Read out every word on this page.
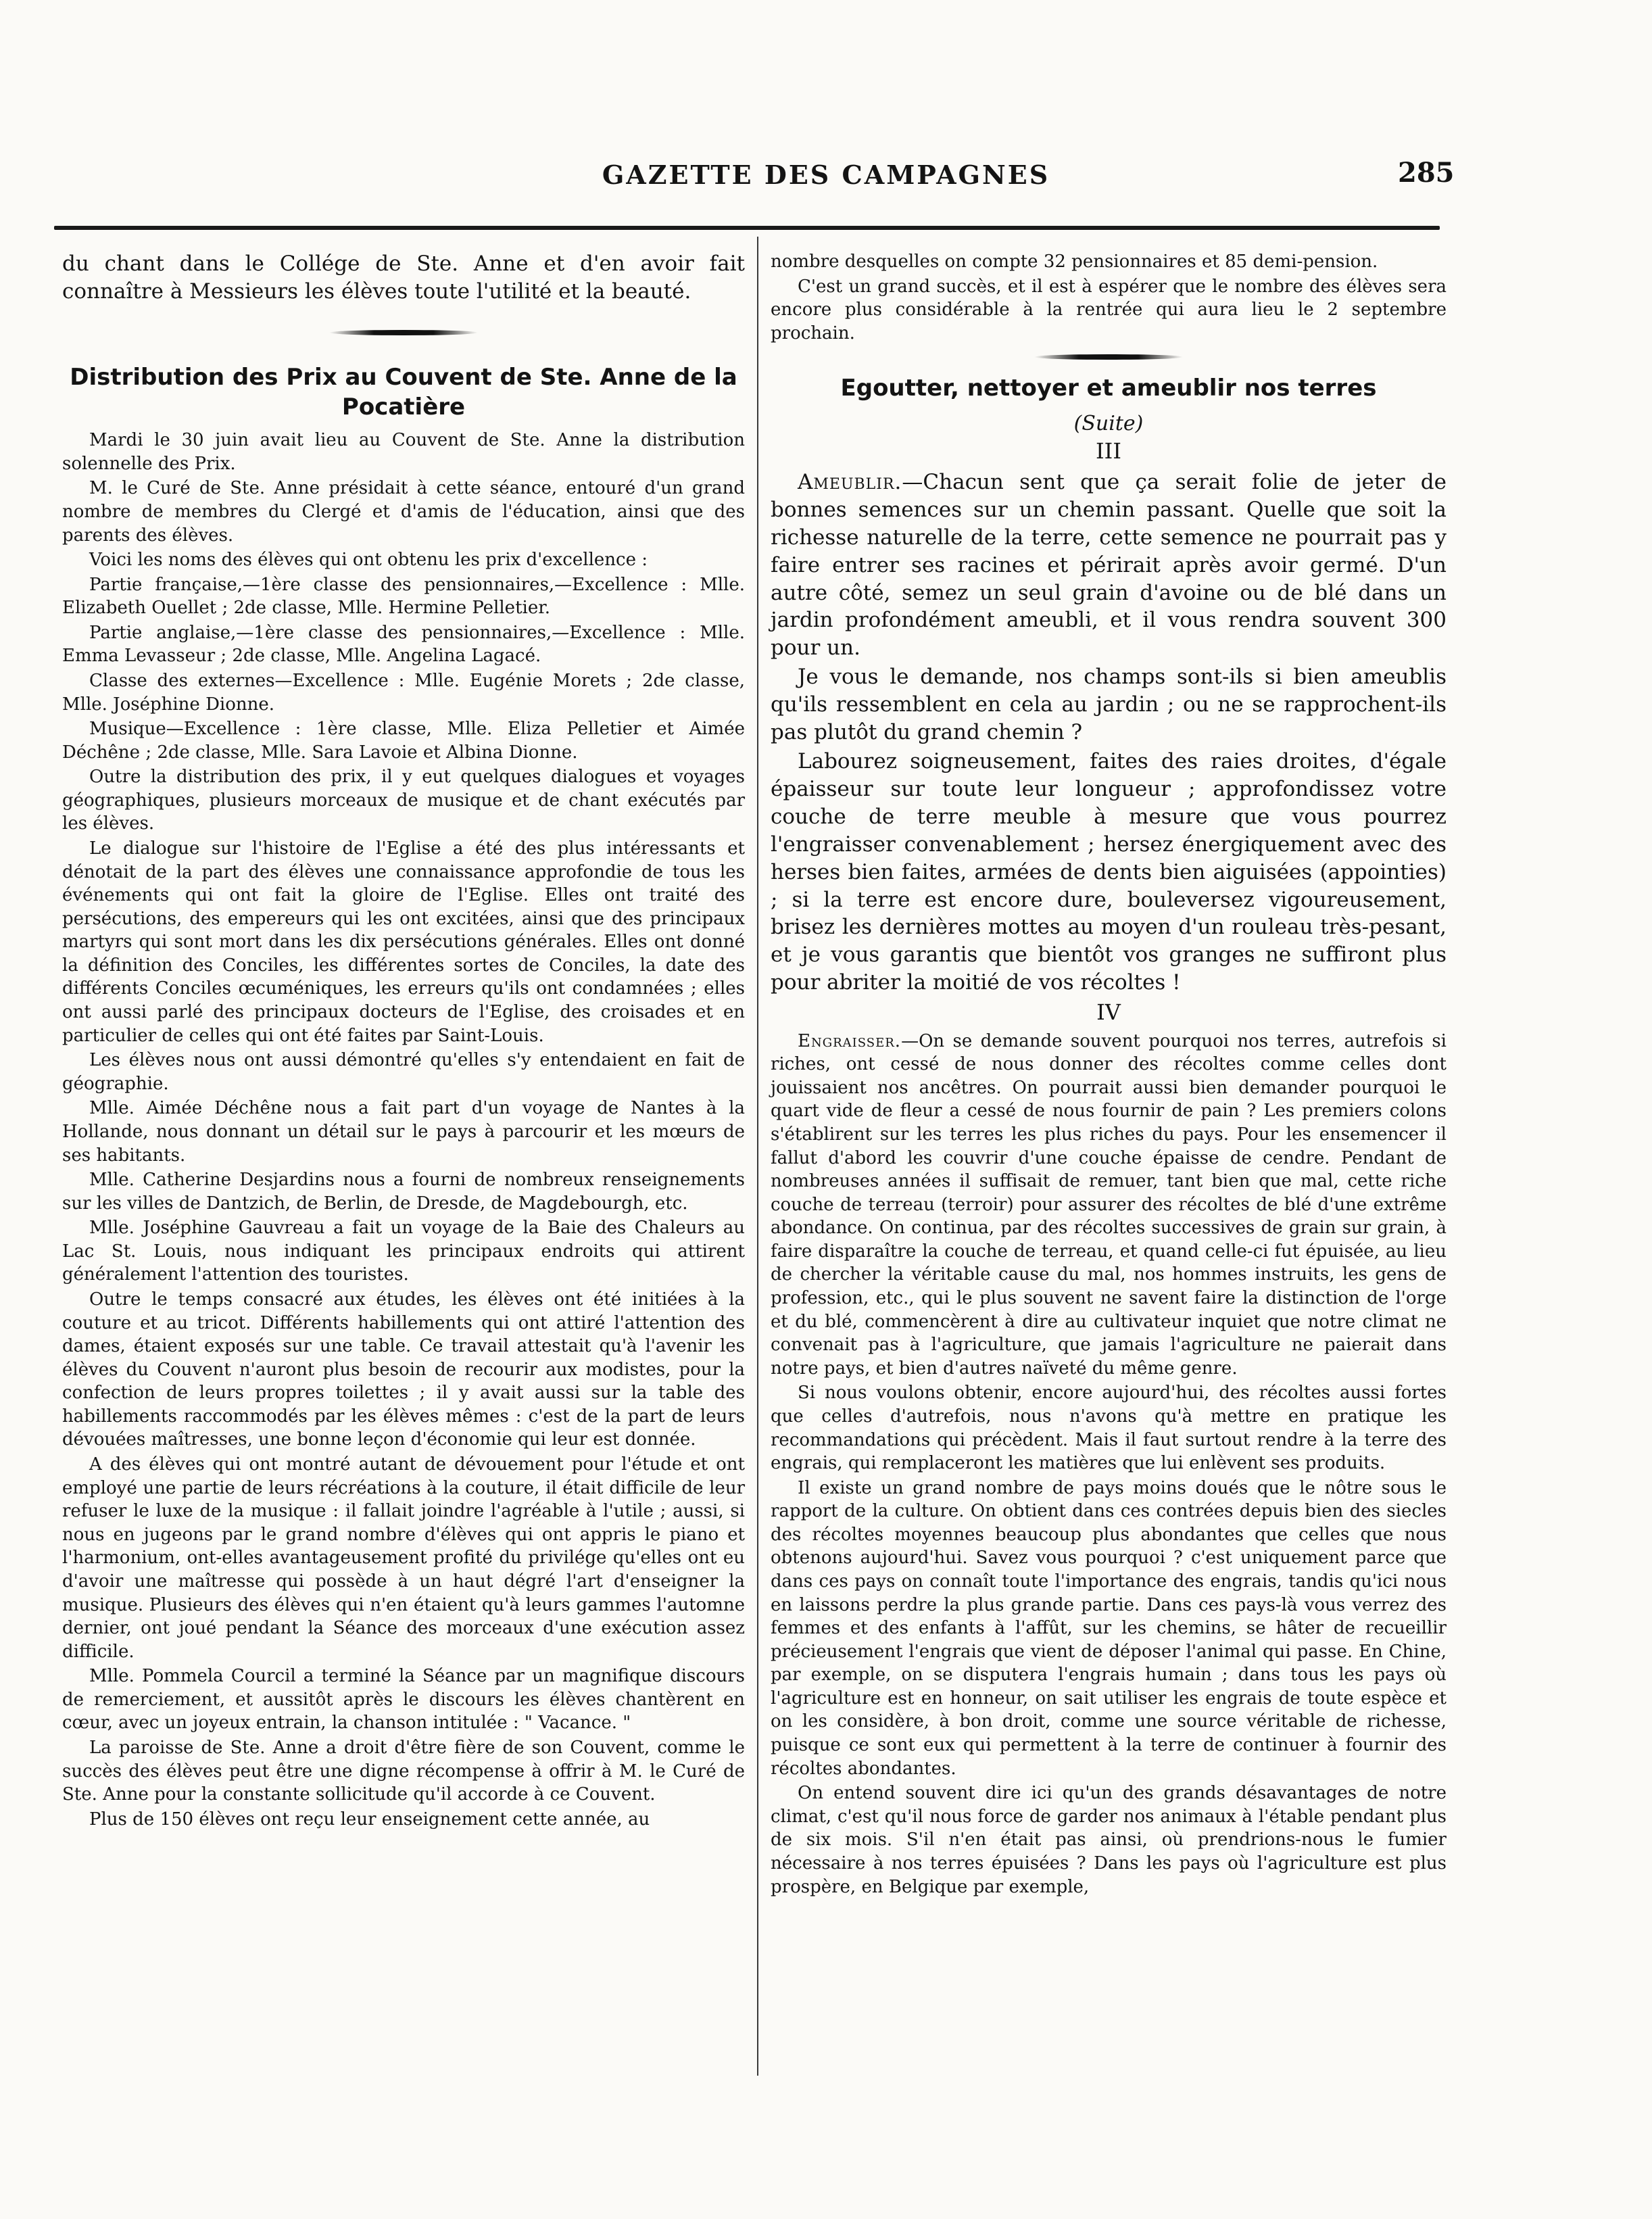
GAZETTE DES CAMPAGNES	285

du chant dans le Collége de Ste. Anne et d'en avoir fait connaître à Messieurs les élèves toute l'utilité et la beauté.

Distribution des Prix au Couvent de Ste. Anne de la Pocatière

Mardi le 30 juin avait lieu au Couvent de Ste. Anne la distribution solennelle des Prix.

M. le Curé de Ste. Anne présidait à cette séance, entouré d'un grand nombre de membres du Clergé et d'amis de l'éducation, ainsi que des parents des élèves.

Voici les noms des élèves qui ont obtenu les prix d'excellence :

Partie française,—1ère classe des pensionnaires,—Excellence : Mlle. Elizabeth Ouellet ; 2de classe, Mlle. Hermine Pelletier.

Partie anglaise,—1ère classe des pensionnaires,—Excellence : Mlle. Emma Levasseur ; 2de classe, Mlle. Angelina Lagacé.

Classe des externes—Excellence : Mlle. Eugénie Morets ; 2de classe, Mlle. Joséphine Dionne.

Musique—Excellence : 1ère classe, Mlle. Eliza Pelletier et Aimée Déchêne ; 2de classe, Mlle. Sara Lavoie et Albina Dionne.

Outre la distribution des prix, il y eut quelques dialogues et voyages géographiques, plusieurs morceaux de musique et de chant exécutés par les élèves.

Le dialogue sur l'histoire de l'Eglise a été des plus intéressants et dénotait de la part des élèves une connaissance approfondie de tous les événements qui ont fait la gloire de l'Eglise. Elles ont traité des persécutions, des empereurs qui les ont excitées, ainsi que des principaux martyrs qui sont mort dans les dix persécutions générales. Elles ont donné la définition des Conciles, les différentes sortes de Conciles, la date des différents Conciles œcuméniques, les erreurs qu'ils ont condamnées ; elles ont aussi parlé des principaux docteurs de l'Eglise, des croisades et en particulier de celles qui ont été faites par Saint-Louis.

Les élèves nous ont aussi démontré qu'elles s'y entendaient en fait de géographie.

Mlle. Aimée Déchêne nous a fait part d'un voyage de Nantes à la Hollande, nous donnant un détail sur le pays à parcourir et les mœurs de ses habitants.

Mlle. Catherine Desjardins nous a fourni de nombreux renseignements sur les villes de Dantzich, de Berlin, de Dresde, de Magdebourgh, etc.

Mlle. Joséphine Gauvreau a fait un voyage de la Baie des Chaleurs au Lac St. Louis, nous indiquant les principaux endroits qui attirent généralement l'attention des touristes.

Outre le temps consacré aux études, les élèves ont été initiées à la couture et au tricot. Différents habillements qui ont attiré l'attention des dames, étaient exposés sur une table. Ce travail attestait qu'à l'avenir les élèves du Couvent n'auront plus besoin de recourir aux modistes, pour la confection de leurs propres toilettes ; il y avait aussi sur la table des habillements raccommodés par les élèves mêmes : c'est de la part de leurs dévouées maîtresses, une bonne leçon d'économie qui leur est donnée.

A des élèves qui ont montré autant de dévouement pour l'étude et ont employé une partie de leurs récréations à la couture, il était difficile de leur refuser le luxe de la musique : il fallait joindre l'agréable à l'utile ; aussi, si nous en jugeons par le grand nombre d'élèves qui ont appris le piano et l'harmonium, ont-elles avantageusement profité du privilége qu'elles ont eu d'avoir une maîtresse qui possède à un haut dégré l'art d'enseigner la musique. Plusieurs des élèves qui n'en étaient qu'à leurs gammes l'automne dernier, ont joué pendant la Séance des morceaux d'une exécution assez difficile.

Mlle. Pommela Courcil a terminé la Séance par un magnifique discours de remerciement, et aussitôt après le discours les élèves chantèrent en cœur, avec un joyeux entrain, la chanson intitulée : " Vacance. "

La paroisse de Ste. Anne a droit d'être fière de son Couvent, comme le succès des élèves peut être une digne récompense à offrir à M. le Curé de Ste. Anne pour la constante sollicitude qu'il accorde à ce Couvent.

Plus de 150 élèves ont reçu leur enseignement cette année, au

nombre desquelles on compte 32 pensionnaires et 85 demi-pension.

C'est un grand succès, et il est à espérer que le nombre des élèves sera encore plus considérable à la rentrée qui aura lieu le 2 septembre prochain.

Egoutter, nettoyer et ameublir nos terres
(Suite)
III

Ameublir.—Chacun sent que ça serait folie de jeter de bonnes semences sur un chemin passant. Quelle que soit la richesse naturelle de la terre, cette semence ne pourrait pas y faire entrer ses racines et périrait après avoir germé. D'un autre côté, semez un seul grain d'avoine ou de blé dans un jardin profondément ameubli, et il vous rendra souvent 300 pour un.

Je vous le demande, nos champs sont-ils si bien ameublis qu'ils ressemblent en cela au jardin ; ou ne se rapprochent-ils pas plutôt du grand chemin ?

Labourez soigneusement, faites des raies droites, d'égale épaisseur sur toute leur longueur ; approfondissez votre couche de terre meuble à mesure que vous pourrez l'engraisser convenablement ; hersez énergiquement avec des herses bien faites, armées de dents bien aiguisées (appointies) ; si la terre est encore dure, bouleversez vigoureusement, brisez les dernières mottes au moyen d'un rouleau très-pesant, et je vous garantis que bientôt vos granges ne suffiront plus pour abriter la moitié de vos récoltes !

IV

Engraisser.—On se demande souvent pourquoi nos terres, autrefois si riches, ont cessé de nous donner des récoltes comme celles dont jouissaient nos ancêtres. On pourrait aussi bien demander pourquoi le quart vide de fleur a cessé de nous fournir de pain ? Les premiers colons s'établirent sur les terres les plus riches du pays. Pour les ensemencer il fallut d'abord les couvrir d'une couche épaisse de cendre. Pendant de nombreuses années il suffisait de remuer, tant bien que mal, cette riche couche de terreau (terroir) pour assurer des récoltes de blé d'une extrême abondance. On continua, par des récoltes successives de grain sur grain, à faire disparaître la couche de terreau, et quand celle-ci fut épuisée, au lieu de chercher la véritable cause du mal, nos hommes instruits, les gens de profession, etc., qui le plus souvent ne savent faire la distinction de l'orge et du blé, commencèrent à dire au cultivateur inquiet que notre climat ne convenait pas à l'agriculture, que jamais l'agriculture ne paierait dans notre pays, et bien d'autres naïveté du même genre.

Si nous voulons obtenir, encore aujourd'hui, des récoltes aussi fortes que celles d'autrefois, nous n'avons qu'à mettre en pratique les recommandations qui précèdent. Mais il faut surtout rendre à la terre des engrais, qui remplaceront les matières que lui enlèvent ses produits.

Il existe un grand nombre de pays moins doués que le nôtre sous le rapport de la culture. On obtient dans ces contrées depuis bien des siecles des récoltes moyennes beaucoup plus abondantes que celles que nous obtenons aujourd'hui. Savez vous pourquoi ? c'est uniquement parce que dans ces pays on connaît toute l'importance des engrais, tandis qu'ici nous en laissons perdre la plus grande partie. Dans ces pays-là vous verrez des femmes et des enfants à l'affût, sur les chemins, se hâter de recueillir précieusement l'engrais que vient de déposer l'animal qui passe. En Chine, par exemple, on se disputera l'engrais humain ; dans tous les pays où l'agriculture est en honneur, on sait utiliser les engrais de toute espèce et on les considère, à bon droit, comme une source véritable de richesse, puisque ce sont eux qui permettent à la terre de continuer à fournir des récoltes abondantes.

On entend souvent dire ici qu'un des grands désavantages de notre climat, c'est qu'il nous force de garder nos animaux à l'étable pendant plus de six mois. S'il n'en était pas ainsi, où prendrions-nous le fumier nécessaire à nos terres épuisées ? Dans les pays où l'agriculture est plus prospère, en Belgique par exemple,
